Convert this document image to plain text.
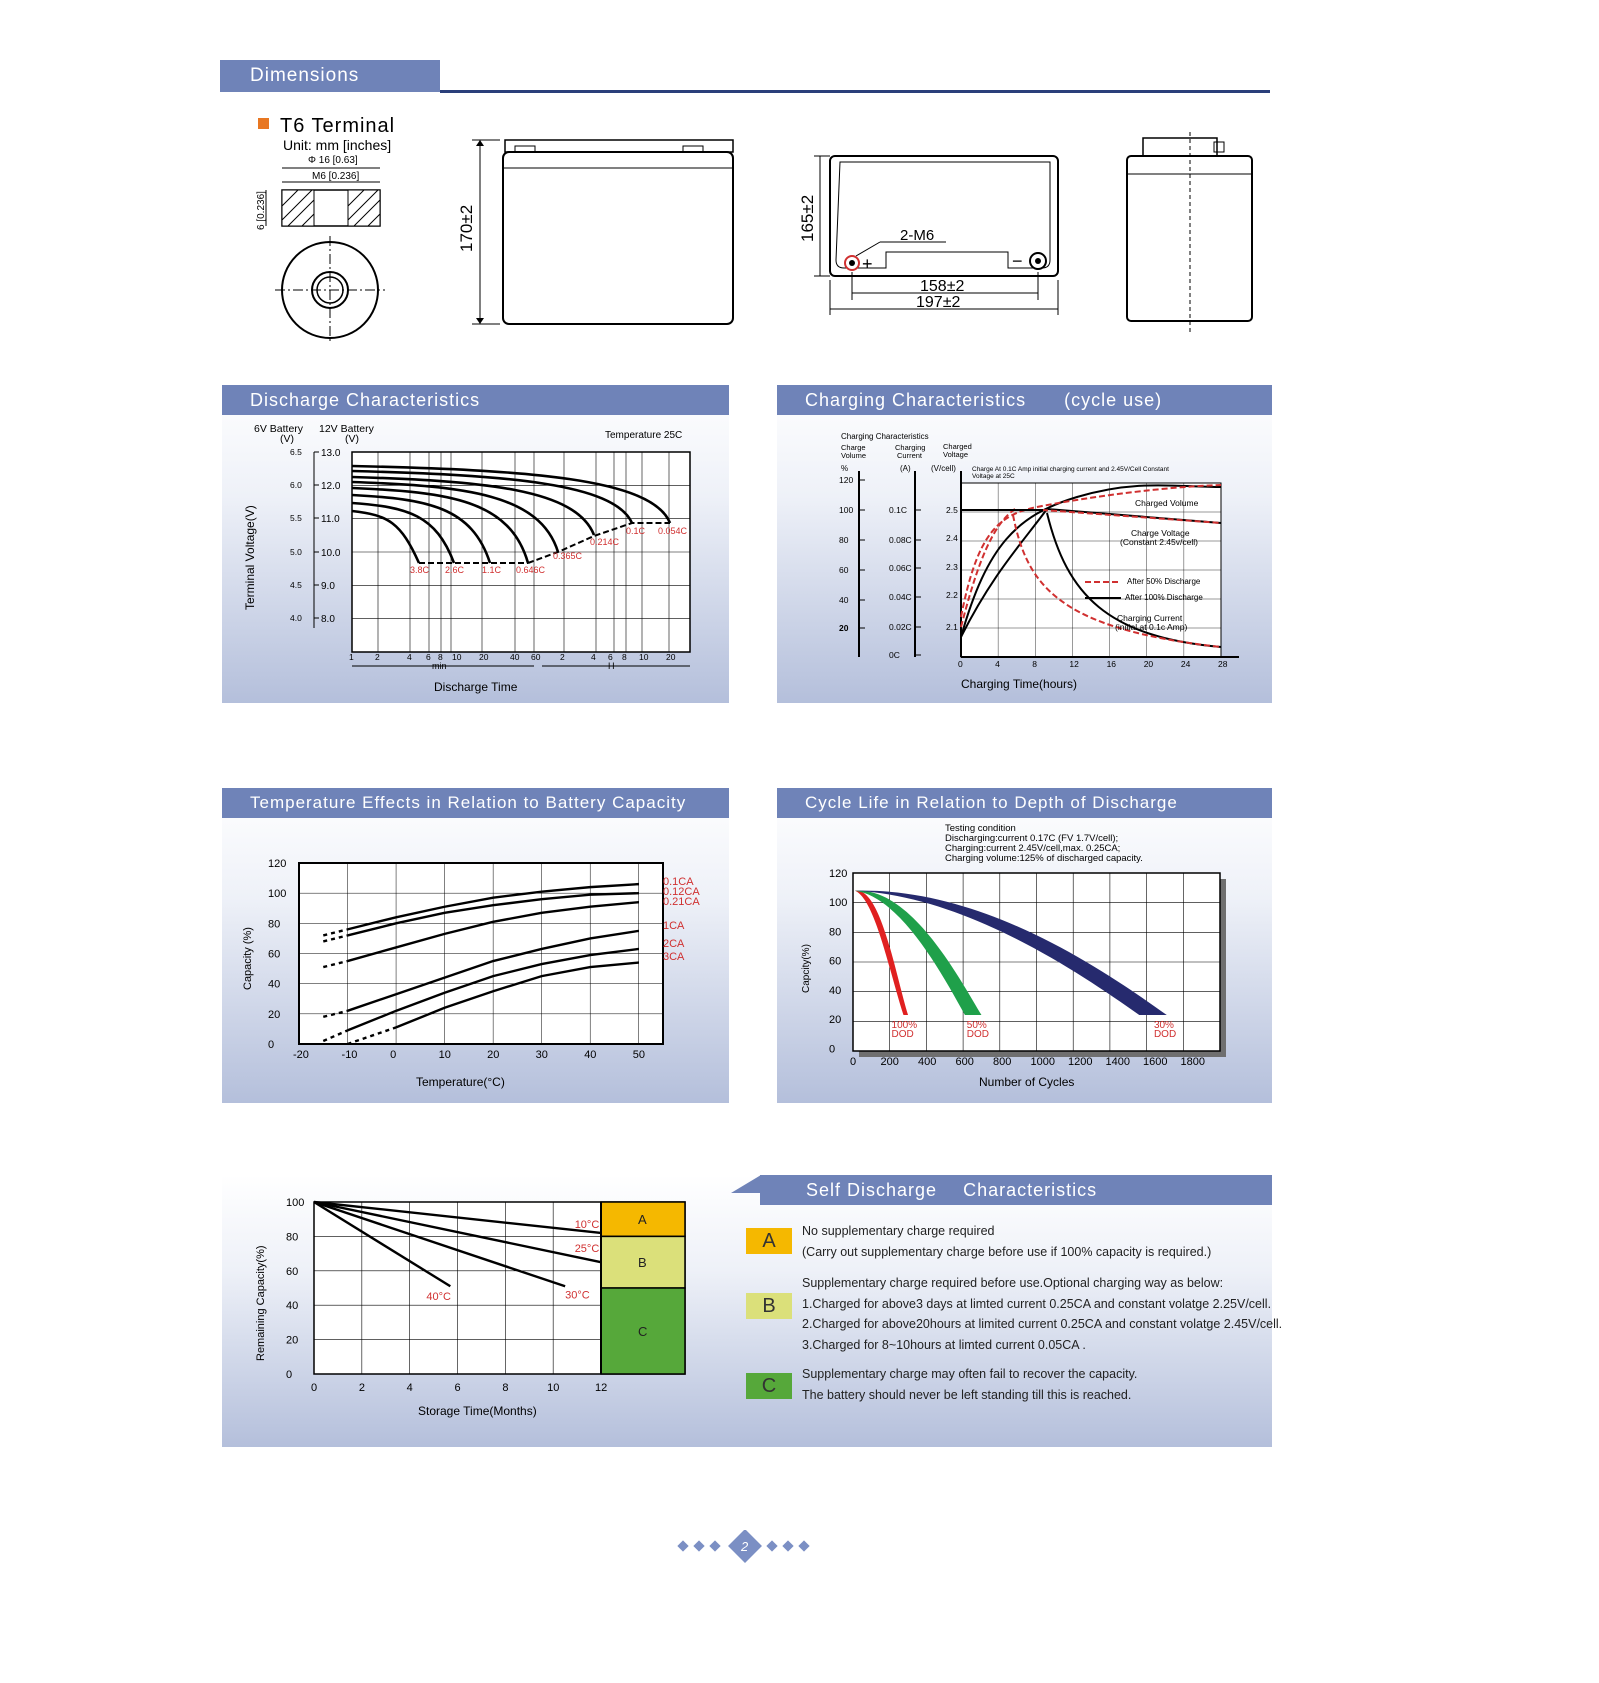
Dimensions
T6 Terminal
Unit: mm [inches]
Φ 16 [0.63]
M6 [0.236]
6 [0.236]	170±2
+	−
2-M6
165±2
158±2
197±2
Discharge Characteristics
6V Battery 12V Battery
(V)	(V)	Temperature 25C
Terminal Voltage(V)
Discharge Time
min	H
13.0
12.0
11.0
10.0
9.0
8.0
6.5
6.0
5.5
5.0
4.5
4.0
1	2	4 6 8 10 20	40 60 2	4 6 8 10 20
3.8C 2.6C 1.1C 0.646C
0.365C
0.214C
0.1C 0.054C
Charging Characteristics (cycle use)
Charging Characteristics
Charge
Volume
Charging
Current
Charged
Voltage
%	(A)	(V/cell) Charge At 0.1C Amp initial charging current and 2.45V/Cell Constant
Voltage at 25C
Charging Time(hours)
120
100
80
60
40
20
0.1C
0.08C
0.06C
0.04C
0.02C
0C
2.5
2.4
2.3
2.2
2.1
0	4	8	12	16	20	24	28
Charged Volume
Charge Voltage
(Constant 2.45v/cell)
After 50% Discharge
After 100% Discharge
Charging Current
(initial at 0.1c Amp)
Temperature Effects in Relation to Battery Capacity
Capacity (%)
Temperature(°C)
120
100
80
60
40
20
0
-20	-10	0	10	20	30	40	50
0.1CA
0.12CA
0.21CA
1CA
2CA
3CA
Cycle Life in Relation to Depth of Discharge
Testing condition
Discharging:current 0.17C (FV 1.7V/cell);
Charging:current 2.45V/cell,max. 0.25CA;
Charging volume:125% of discharged capacity.
Capcity(%)
Number of Cycles
120
100
80
60
40
20
0
0 200 400 600 800 1000 1200 1400 1600 1800
100%
DOD
50%
DOD
30%
DOD
Remaining Capacity(%)
Storage Time(Months)
A
B
C
100
80
60
40
20
0
0	2	4	6	8	10	12
10°C
25°C
30°C
40°C
Self Discharge Characteristics
A	No supplementary charge required
(Carry out supplementary charge before use if 100% capacity is required.)
B
Supplementary charge required before use.Optional charging way as below:
1.Charged for above3 days at limted current 0.25CA and constant volatge 2.25V/cell.
2.Charged for above20hours at limited current 0.25CA and constant volatge 2.45V/cell.
3.Charged for 8~10hours at limted current 0.05CA .
C
Supplementary charge may often fail to recover the capacity.
The battery should never be left standing till this is reached.
2
